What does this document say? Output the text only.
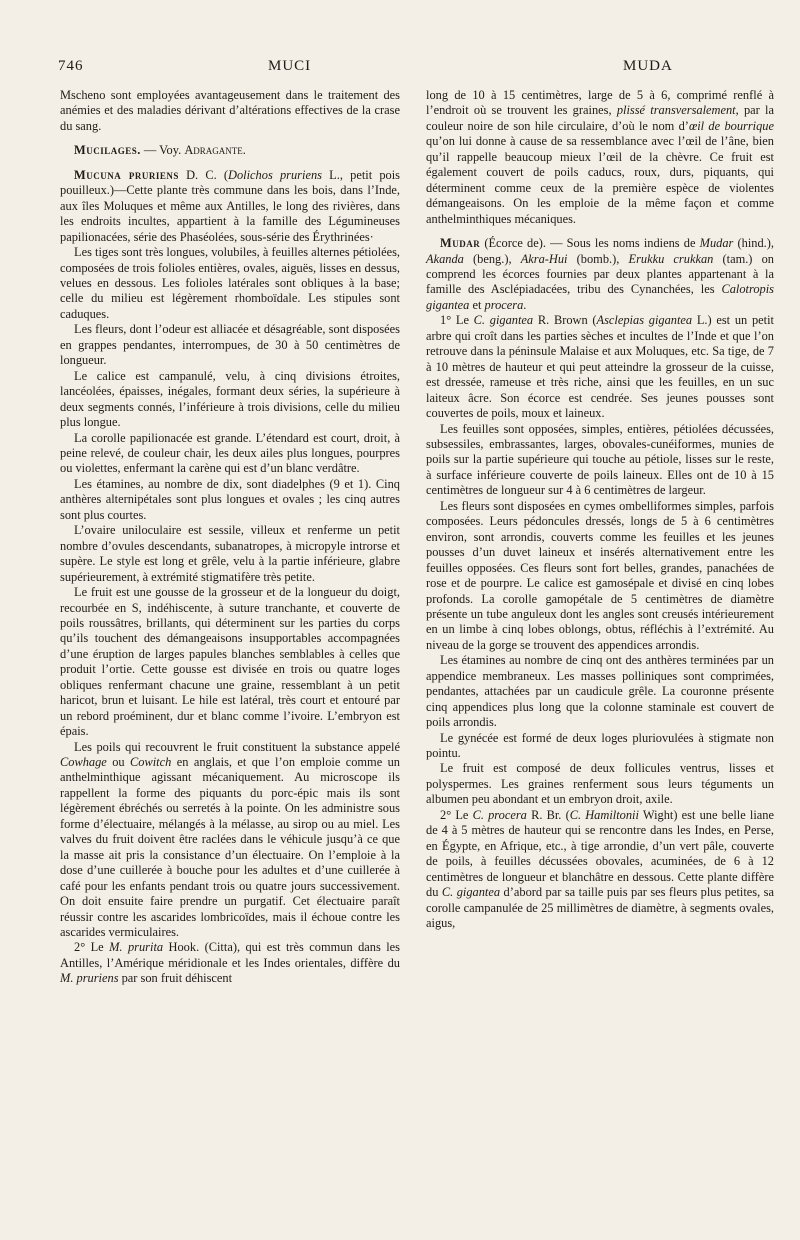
746	MUCI	MUDA

Mscheno sont employées avantageusement dans le traitement des anémies et des maladies dérivant d’altérations effectives de la crase du sang.

Mucilages. — Voy. Adragante.

Mucuna pruriens D. C. (Dolichos pruriens L., petit pois pouilleux.)—Cette plante très commune dans les bois, dans l’Inde, aux îles Moluques et même aux Antilles, le long des rivières, dans les endroits incultes, appartient à la famille des Légumineuses papilionacées, série des Phaséolées, sous-série des Érythrinées·

Les tiges sont très longues, volubiles, à feuilles alternes pétiolées, composées de trois folioles entières, ovales, aiguës, lisses en dessus, velues en dessous. Les folioles latérales sont obliques à la base; celle du milieu est légèrement rhomboïdale. Les stipules sont caduques.

Les fleurs, dont l’odeur est alliacée et désagréable, sont disposées en grappes pendantes, interrompues, de 30 à 50 centimètres de longueur.

Le calice est campanulé, velu, à cinq divisions étroites, lancéolées, épaisses, inégales, formant deux séries, la supérieure à deux segments connés, l’inférieure à trois divisions, celle du milieu plus longue.

La corolle papilionacée est grande. L’étendard est court, droit, à peine relevé, de couleur chair, les deux ailes plus longues, pourpres ou violettes, enfermant la carène qui est d’un blanc verdâtre.

Les étamines, au nombre de dix, sont diadelphes (9 et 1). Cinq anthères alternipétales sont plus longues et ovales ; les cinq autres sont plus courtes.

L’ovaire uniloculaire est sessile, villeux et renferme un petit nombre d’ovules descendants, subanatropes, à micropyle introrse et supère. Le style est long et grêle, velu à la partie inférieure, glabre supérieurement, à extrémité stigmatifère très petite.

Le fruit est une gousse de la grosseur et de la longueur du doigt, recourbée en S, indéhiscente, à suture tranchante, et couverte de poils roussâtres, brillants, qui déterminent sur les parties du corps qu’ils touchent des démangeaisons insupportables accompagnées d’une éruption de larges papules blanches semblables à celles que produit l’ortie. Cette gousse est divisée en trois ou quatre loges obliques renfermant chacune une graine, ressemblant à un petit haricot, brun et luisant. Le hile est latéral, très court et entouré par un rebord proéminent, dur et blanc comme l’ivoire. L’embryon est épais.

Les poils qui recouvrent le fruit constituent la substance appelé Cowhage ou Cowitch en anglais, et que l’on emploie comme un anthelminthique agissant mécaniquement. Au microscope ils rappellent la forme des piquants du porc-épic mais ils sont légèrement ébréchés ou serretés à la pointe. On les administre sous forme d’électuaire, mélangés à la mélasse, au sirop ou au miel. Les valves du fruit doivent être raclées dans le véhicule jusqu’à ce que la masse ait pris la consistance d’un électuaire. On l’emploie à la dose d’une cuillerée à bouche pour les adultes et d’une cuillerée à café pour les enfants pendant trois ou quatre jours successivement. On doit ensuite faire prendre un purgatif. Cet électuaire paraît réussir contre les ascarides lombricoïdes, mais il échoue contre les ascarides vermiculaires.

2° Le M. prurita Hook. (Citta), qui est très commun dans les Antilles, l’Amérique méridionale et les Indes orientales, diffère du M. pruriens par son fruit déhiscent

long de 10 à 15 centimètres, large de 5 à 6, comprimé renflé à l’endroit où se trouvent les graines, plissé transversalement, par la couleur noire de son hile circulaire, d’où le nom d’œil de bourrique qu’on lui donne à cause de sa ressemblance avec l’œil de l’âne, bien qu’il rappelle beaucoup mieux l’œil de la chèvre. Ce fruit est également couvert de poils caducs, roux, durs, piquants, qui déterminent comme ceux de la première espèce de violentes démangeaisons. On les emploie de la même façon et comme anthelminthiques mécaniques.

Mudar (Écorce de). — Sous les noms indiens de Mudar (hind.), Akanda (beng.), Akra-Hui (bomb.), Erukku crukkan (tam.) on comprend les écorces fournies par deux plantes appartenant à la famille des Asclépiadacées, tribu des Cynanchées, les Calotropis gigantea et procera.

1° Le C. gigantea R. Brown (Asclepias gigantea L.) est un petit arbre qui croît dans les parties sèches et incultes de l’Inde et que l’on retrouve dans la péninsule Malaise et aux Moluques, etc. Sa tige, de 7 à 10 mètres de hauteur et qui peut atteindre la grosseur de la cuisse, est dressée, rameuse et très riche, ainsi que les feuilles, en un suc laiteux âcre. Son écorce est cendrée. Ses jeunes pousses sont couvertes de poils, moux et laineux.

Les feuilles sont opposées, simples, entières, pétiolées décussées, subsessiles, embrassantes, larges, obovales-cunéiformes, munies de poils sur la partie supérieure qui touche au pétiole, lisses sur le reste, à surface inférieure couverte de poils laineux. Elles ont de 10 à 15 centimètres de longueur sur 4 à 6 centimètres de largeur.

Les fleurs sont disposées en cymes ombelliformes simples, parfois composées. Leurs pédoncules dressés, longs de 5 à 6 centimètres environ, sont arrondis, couverts comme les feuilles et les jeunes pousses d’un duvet laineux et insérés alternativement entre les feuilles opposées. Ces fleurs sont fort belles, grandes, panachées de rose et de pourpre. Le calice est gamosépale et divisé en cinq lobes profonds. La corolle gamopétale de 5 centimètres de diamètre présente un tube anguleux dont les angles sont creusés intérieurement en un limbe à cinq lobes oblongs, obtus, réfléchis à l’extrémité. Au niveau de la gorge se trouvent des appendices arrondis.

Les étamines au nombre de cinq ont des anthères terminées par un appendice membraneux. Les masses polliniques sont comprimées, pendantes, attachées par un caudicule grêle. La couronne présente cinq appendices plus long que la colonne staminale est couvert de poils arrondis.

Le gynécée est formé de deux loges pluriovulées à stigmate non pointu.

Le fruit est composé de deux follicules ventrus, lisses et polyspermes. Les graines renferment sous leurs téguments un albumen peu abondant et un embryon droit, axile.

2° Le C. procera R. Br. (C. Hamiltonii Wight) est une belle liane de 4 à 5 mètres de hauteur qui se rencontre dans les Indes, en Perse, en Égypte, en Afrique, etc., à tige arrondie, d’un vert pâle, couverte de poils, à feuilles décussées obovales, acuminées, de 6 à 12 centimètres de longueur et blanchâtre en dessous. Cette plante diffère du C. gigantea d’abord par sa taille puis par ses fleurs plus petites, sa corolle campanulée de 25 millimètres de diamètre, à segments ovales, aigus,
